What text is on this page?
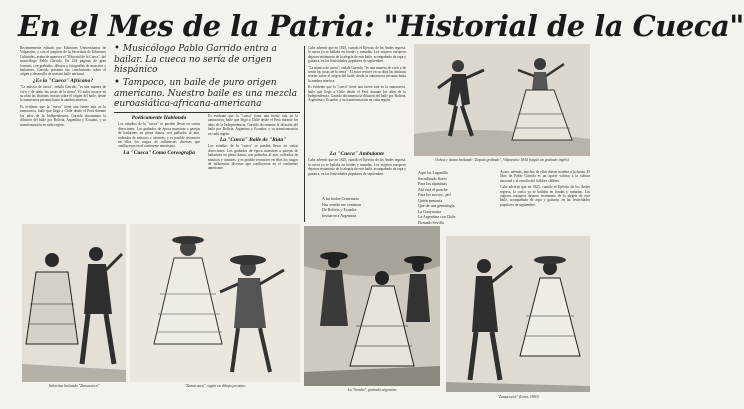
En el Mes de la Patria: "Historial de la Cueca"

Recientemente editado por Ediciones Universitarias de Valparaíso, y con el auspicio de la Secretaría de Ediciones Culturales, acaba de aparecer el "Historial de la Cueca", del musicólogo Pablo Garrido. En 224 páginas de gran formato, con grabados, dibujos y fotografías de maestros y bailarines, Garrido presenta sus conclusiones sobre el origen y desarrollo de nuestro baile nacional.

¿Es la "Cueca" Africano?

"La música de cueca", señala Garrido, "es una manera de vivir y de sentir las cosas de la tierra". El autor recorre en su obra las distintas teorías sobre el origen del baile, desde la zamacueca peruana hasta la zambra morisca.

Es evidente que la "cueca" tiene una fuerte raíz en la zamacueca, baile que llegó a Chile desde el Perú durante los años de la Independencia. Garrido documenta la difusión del baile por Bolivia, Argentina y Ecuador, y su transformación en cada región.

• Musicólogo Pablo Garrido entra a bailar. La cueca no sería de origen hispánico
• Tampoco, un baile de puro origen americano. Nuestro baile es una mezcla euroasiática-africana-americana
Poéticamente Hablando

Los estudios de la "cueca" se pueden llevar en varias direcciones. Los grabados de época muestran a parejas de bailarines en plena danza, con pañuelos al aire, rodeados de músicos y cantores, y es posible reconocer en ellos los rasgos de influencias diversas que confluyeron en el continente americano.

La "Cueca" Como Coreografía

Es evidente que la "cueca" tiene una fuerte raíz en la zamacueca, baile que llegó a Chile desde el Perú durante los años de la Independencia. Garrido documenta la difusión del baile por Bolivia, Argentina y Ecuador, y su transformación en cada región.

La "Cueca" Baile de "Ruta"

Los estudios de la "cueca" se pueden llevar en varias direcciones. Los grabados de época muestran a parejas de bailarines en plena danza, con pañuelos al aire, rodeados de músicos y cantores, y es posible reconocer en ellos los rasgos de influencias diversas que confluyeron en el continente americano.

Cabe advertir que en 1825, cuando el Ejército de los Andes regresa, la cueca ya se bailaba en fondas y ramadas. Los viajeros europeos dejaron testimonio de la alegría de este baile, acompañado de arpa y guitarra, en las festividades populares de septiembre.

"La música de cueca", señala Garrido, "es una manera de vivir y de sentir las cosas de la tierra". El autor recorre en su obra las distintas teorías sobre el origen del baile, desde la zamacueca peruana hasta la zambra morisca.

Es evidente que la "cueca" tiene una fuerte raíz en la zamacueca, baile que llegó a Chile desde el Perú durante los años de la Independencia. Garrido documenta la difusión del baile por Bolivia, Argentina y Ecuador, y su transformación en cada región.

La "Cueca" Ambulante

Cabe advertir que en 1825, cuando el Ejército de los Andes regresa, la cueca ya se bailaba en fondas y ramadas. Los viajeros europeos dejaron testimonio de la alegría de este baile, acompañado de arpa y guitarra, en las festividades populares de septiembre.

A las bodas Centenario
Has venido me contaron
De Bolivia y Ecuador
Invitaron a Argentina
Ochoa y danza bailando "Zapata grabado", Valparaíso 1844 (según un grabado inglés)
Aquí las Lagunilla
Sacudiendo flores
Para los alpinistas
Ahí está el ponche
Para los novios, ¡ah!
Quién pensaría
Que de una genealogía
La Guayacana
La Argentina con Chile
Firmado Sevilla

Acaso, además, muchos de ellos dieron nombre a la danza. El libro de Pablo Garrido es un aporte valioso a la cultura nacional y al estudio del folklore chileno.

Cabe advertir que en 1825, cuando el Ejército de los Andes regresa, la cueca ya se bailaba en fondas y ramadas. Los viajeros europeos dejaron testimonio de la alegría de este baile, acompañado de arpa y guitarra, en las festividades populares de septiembre.

Señoritas bailando "Zamacueca"	"Zamacueca", según un dibujo peruano
La "Samba", grabado argentino
"Zamacueca" (Lima, 1850)
